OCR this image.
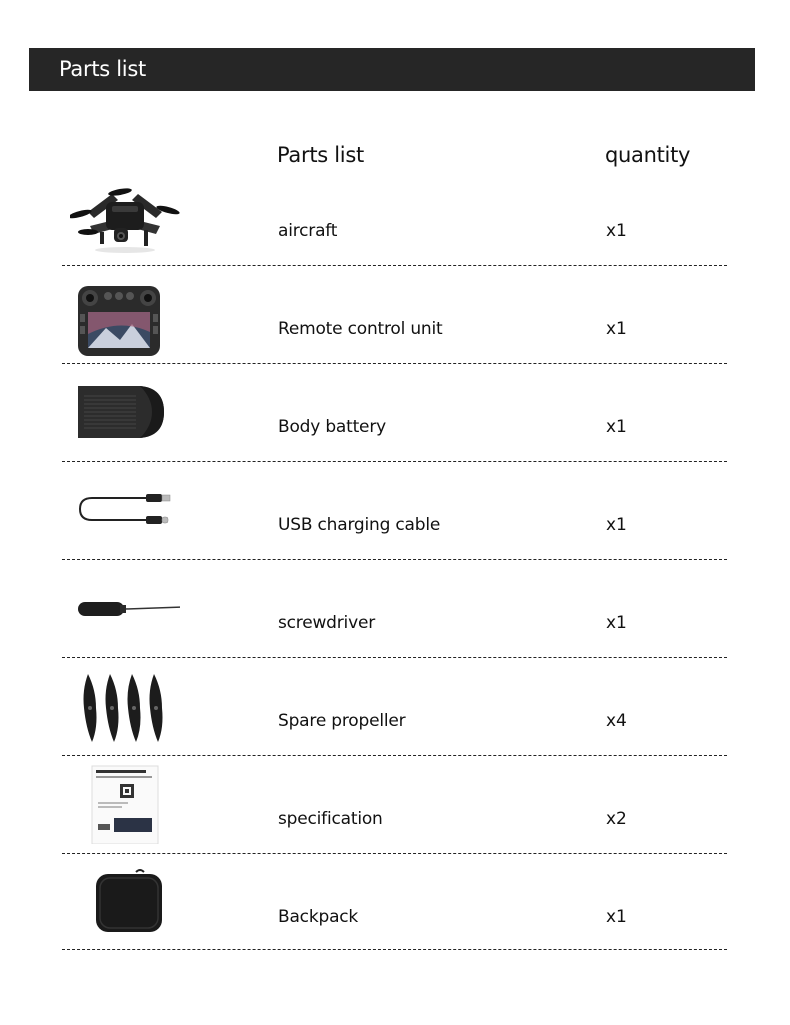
Parts list
Parts list	quantity
aircraft	x1
Remote control unit	x1
Body battery	x1
USB charging cable	x1
screwdriver	x1
Spare propeller	x4
specification	x2
Backpack	x1
